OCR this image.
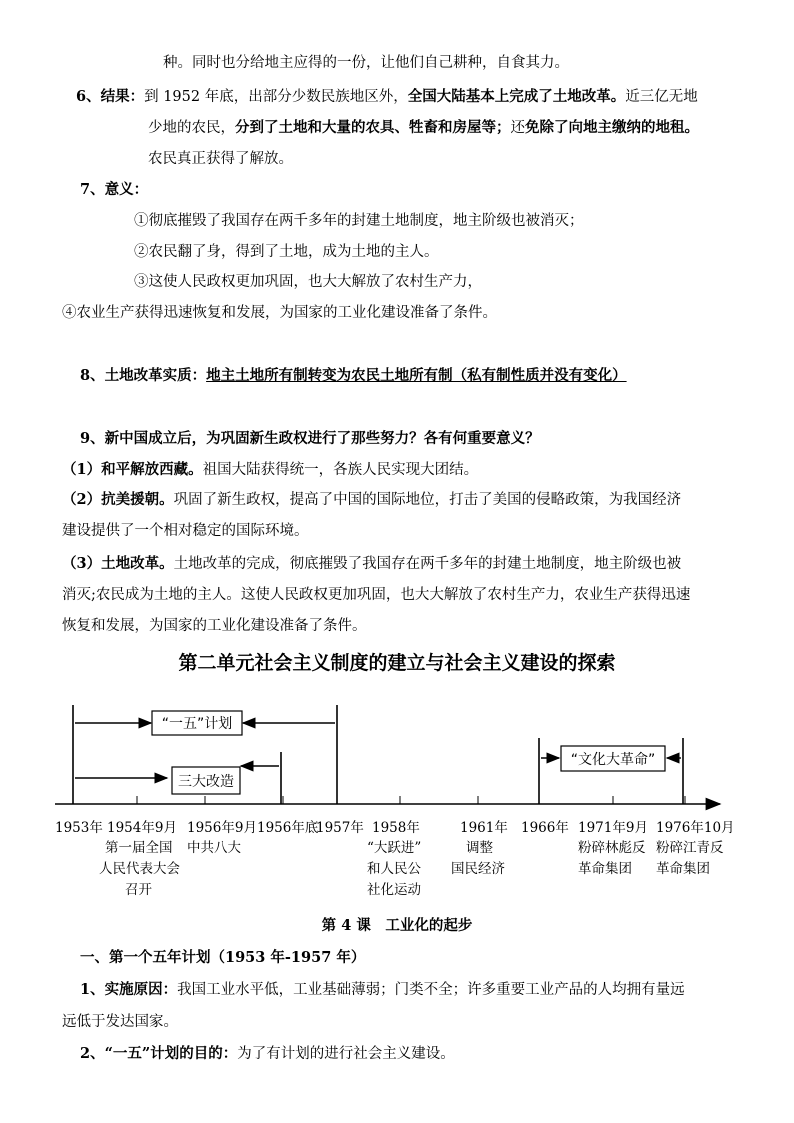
种。同时也分给地主应得的一份，让他们自己耕种，自食其力。
6、结果：到 1952 年底，出部分少数民族地区外，全国大陆基本上完成了土地改革。近三亿无地
少地的农民，分到了土地和大量的农具、牲畜和房屋等；还免除了向地主缴纳的地租。
农民真正获得了解放。
7、意义：
①彻底摧毁了我国存在两千多年的封建土地制度，地主阶级也被消灭；
②农民翻了身，得到了土地，成为土地的主人。
③这使人民政权更加巩固，也大大解放了农村生产力，
④农业生产获得迅速恢复和发展，为国家的工业化建设准备了条件。
8、土地改革实质：地主土地所有制转变为农民土地所有制（私有制性质并没有变化）
9、新中国成立后，为巩固新生政权进行了那些努力？各有何重要意义？
（1）和平解放西藏。祖国大陆获得统一，各族人民实现大团结。
（2）抗美援朝。巩固了新生政权，提高了中国的国际地位，打击了美国的侵略政策，为我国经济
建设提供了一个相对稳定的国际环境。
（3）土地改革。土地改革的完成，彻底摧毁了我国存在两千多年的封建土地制度，地主阶级也被
消灭;农民成为土地的主人。这使人民政权更加巩固，也大大解放了农村生产力，农业生产获得迅速
恢复和发展，为国家的工业化建设准备了条件。
第二单元社会主义制度的建立与社会主义建设的探索
“一五”计划
三大改造
“文化大革命”
1953年 1954年9月 1956年9月 1956年底
1957年 1958年	1961年 1966年 1971年9月 1976年10月
第一届全国
人民代表大会
召开
中共八大	“大跃进”
和人民公
社化运动
调整
国民经济
粉碎林彪反
革命集团
粉碎江青反
革命集团
第 4 课　工业化的起步
一、第一个五年计划（1953 年-1957 年）
1、实施原因：我国工业水平低，工业基础薄弱；门类不全；许多重要工业产品的人均拥有量远
远低于发达国家。
2、“一五”计划的目的：为了有计划的进行社会主义建设。
